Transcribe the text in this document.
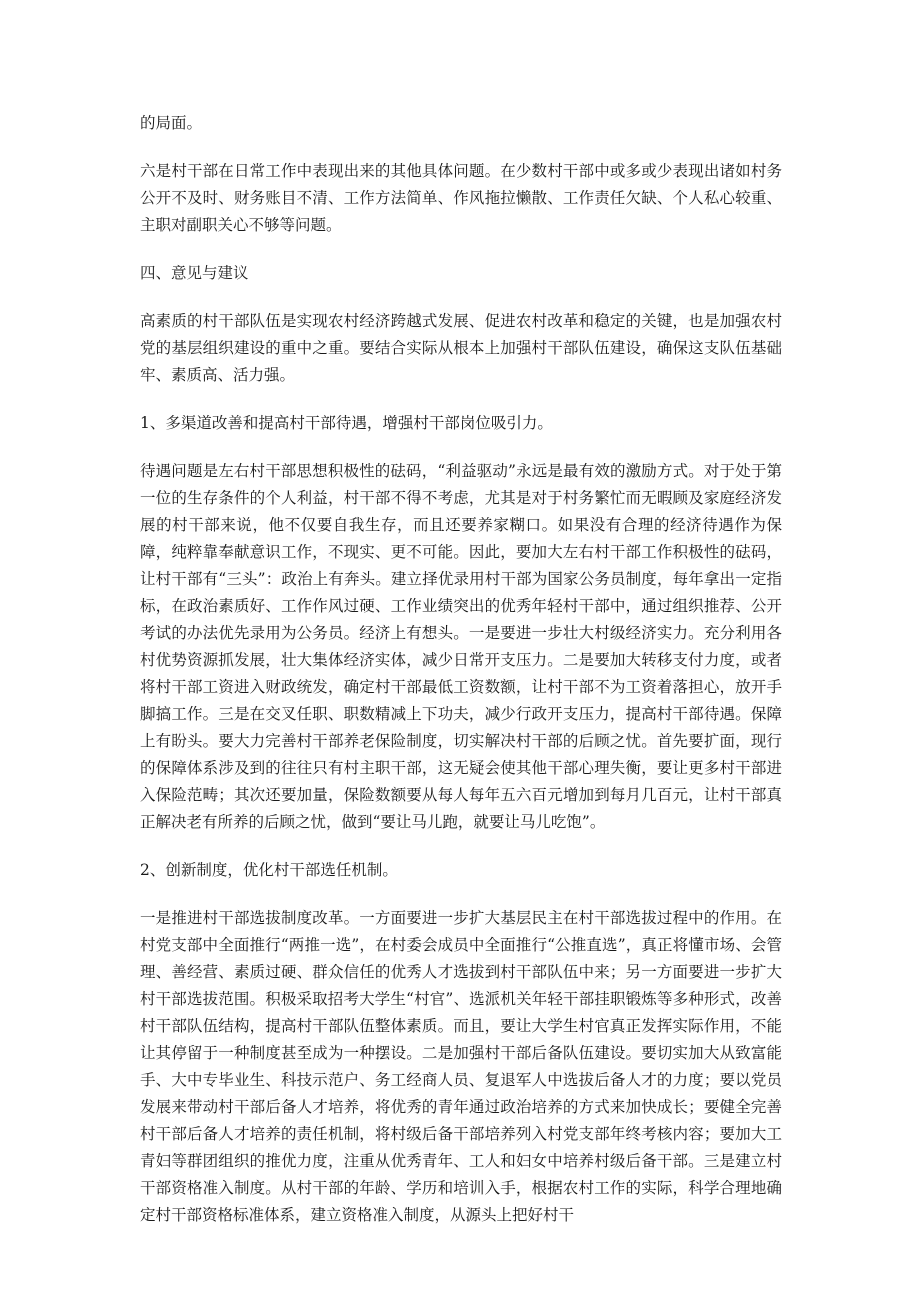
的局面。

六是村干部在日常工作中表现出来的其他具体问题。在少数村干部中或多或少表现出诸如村务公开不及时、财务账目不清、工作方法简单、作风拖拉懒散、工作责任欠缺、个人私心较重、主职对副职关心不够等问题。

四、意见与建议

高素质的村干部队伍是实现农村经济跨越式发展、促进农村改革和稳定的关键，也是加强农村党的基层组织建设的重中之重。要结合实际从根本上加强村干部队伍建设，确保这支队伍基础牢、素质高、活力强。

1、多渠道改善和提高村干部待遇，增强村干部岗位吸引力。

待遇问题是左右村干部思想积极性的砝码，“利益驱动”永远是最有效的激励方式。对于处于第一位的生存条件的个人利益，村干部不得不考虑，尤其是对于村务繁忙而无暇顾及家庭经济发展的村干部来说，他不仅要自我生存，而且还要养家糊口。如果没有合理的经济待遇作为保障，纯粹靠奉献意识工作，不现实、更不可能。因此，要加大左右村干部工作积极性的砝码，让村干部有“三头”：政治上有奔头。建立择优录用村干部为国家公务员制度，每年拿出一定指标，在政治素质好、工作作风过硬、工作业绩突出的优秀年轻村干部中，通过组织推荐、公开考试的办法优先录用为公务员。经济上有想头。一是要进一步壮大村级经济实力。充分利用各村优势资源抓发展，壮大集体经济实体，减少日常开支压力。二是要加大转移支付力度，或者将村干部工资进入财政统发，确定村干部最低工资数额，让村干部不为工资着落担心，放开手脚搞工作。三是在交叉任职、职数精减上下功夫，减少行政开支压力，提高村干部待遇。保障上有盼头。要大力完善村干部养老保险制度，切实解决村干部的后顾之忧。首先要扩面，现行的保障体系涉及到的往往只有村主职干部，这无疑会使其他干部心理失衡，要让更多村干部进入保险范畴；其次还要加量，保险数额要从每人每年五六百元增加到每月几百元，让村干部真正解决老有所养的后顾之忧，做到“要让马儿跑，就要让马儿吃饱”。

2、创新制度，优化村干部选任机制。

一是推进村干部选拔制度改革。一方面要进一步扩大基层民主在村干部选拔过程中的作用。在村党支部中全面推行“两推一选”，在村委会成员中全面推行“公推直选”，真正将懂市场、会管理、善经营、素质过硬、群众信任的优秀人才选拔到村干部队伍中来；另一方面要进一步扩大村干部选拔范围。积极采取招考大学生“村官”、选派机关年轻干部挂职锻炼等多种形式，改善村干部队伍结构，提高村干部队伍整体素质。而且，要让大学生村官真正发挥实际作用，不能让其停留于一种制度甚至成为一种摆设。二是加强村干部后备队伍建设。要切实加大从致富能手、大中专毕业生、科技示范户、务工经商人员、复退军人中选拔后备人才的力度；要以党员发展来带动村干部后备人才培养，将优秀的青年通过政治培养的方式来加快成长；要健全完善村干部后备人才培养的责任机制，将村级后备干部培养列入村党支部年终考核内容；要加大工青妇等群团组织的推优力度，注重从优秀青年、工人和妇女中培养村级后备干部。三是建立村干部资格准入制度。从村干部的年龄、学历和培训入手，根据农村工作的实际，科学合理地确定村干部资格标准体系，建立资格准入制度，从源头上把好村干
